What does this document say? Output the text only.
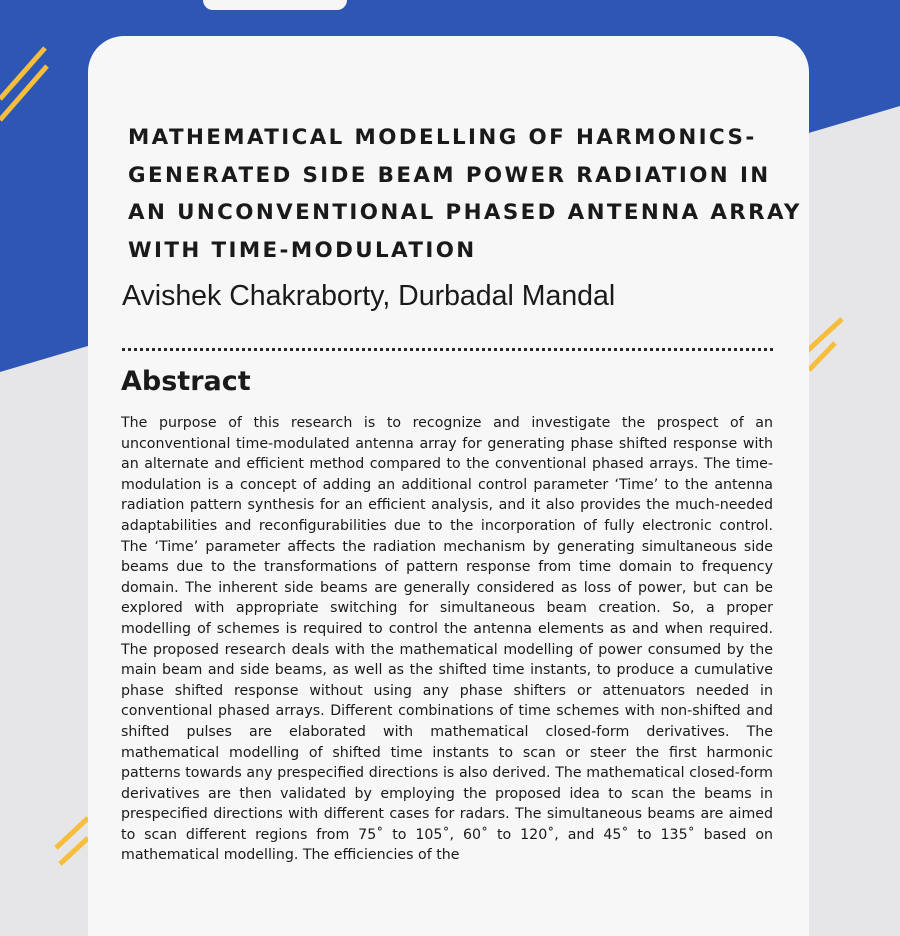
MATHEMATICAL MODELLING OF HARMONICS-GENERATED SIDE BEAM POWER RADIATION IN AN UNCONVENTIONAL PHASED ANTENNA ARRAY WITH TIME-MODULATION

Avishek Chakraborty, Durbadal Mandal

Abstract

The purpose of this research is to recognize and investigate the prospect of an unconventional time-modulated antenna array for generating phase shifted response with an alternate and efficient method compared to the conventional phased arrays. The time-modulation is a concept of adding an additional control parameter ‘Time’ to the antenna radiation pattern synthesis for an efficient analysis, and it also provides the much-needed adaptabilities and reconfigurabilities due to the incorporation of fully electronic control. The ‘Time’ parameter affects the radiation mechanism by generating simultaneous side beams due to the transformations of pattern response from time domain to frequency domain. The inherent side beams are generally considered as loss of power, but can be explored with appropriate switching for simultaneous beam creation. So, a proper modelling of schemes is required to control the antenna elements as and when required. The proposed research deals with the mathematical modelling of power consumed by the main beam and side beams, as well as the shifted time instants, to produce a cumulative phase shifted response without using any phase shifters or attenuators needed in conventional phased arrays. Different combinations of time schemes with non-shifted and shifted pulses are elaborated with mathematical closed-form derivatives. The mathematical modelling of shifted time instants to scan or steer the first harmonic patterns towards any prespecified directions is also derived. The mathematical closed-form derivatives are then validated by employing the proposed idea to scan the beams in prespecified directions with different cases for radars. The simultaneous beams are aimed to scan different regions from 75˚ to 105˚, 60˚ to 120˚, and 45˚ to 135˚ based on mathematical modelling. The efficiencies of the
